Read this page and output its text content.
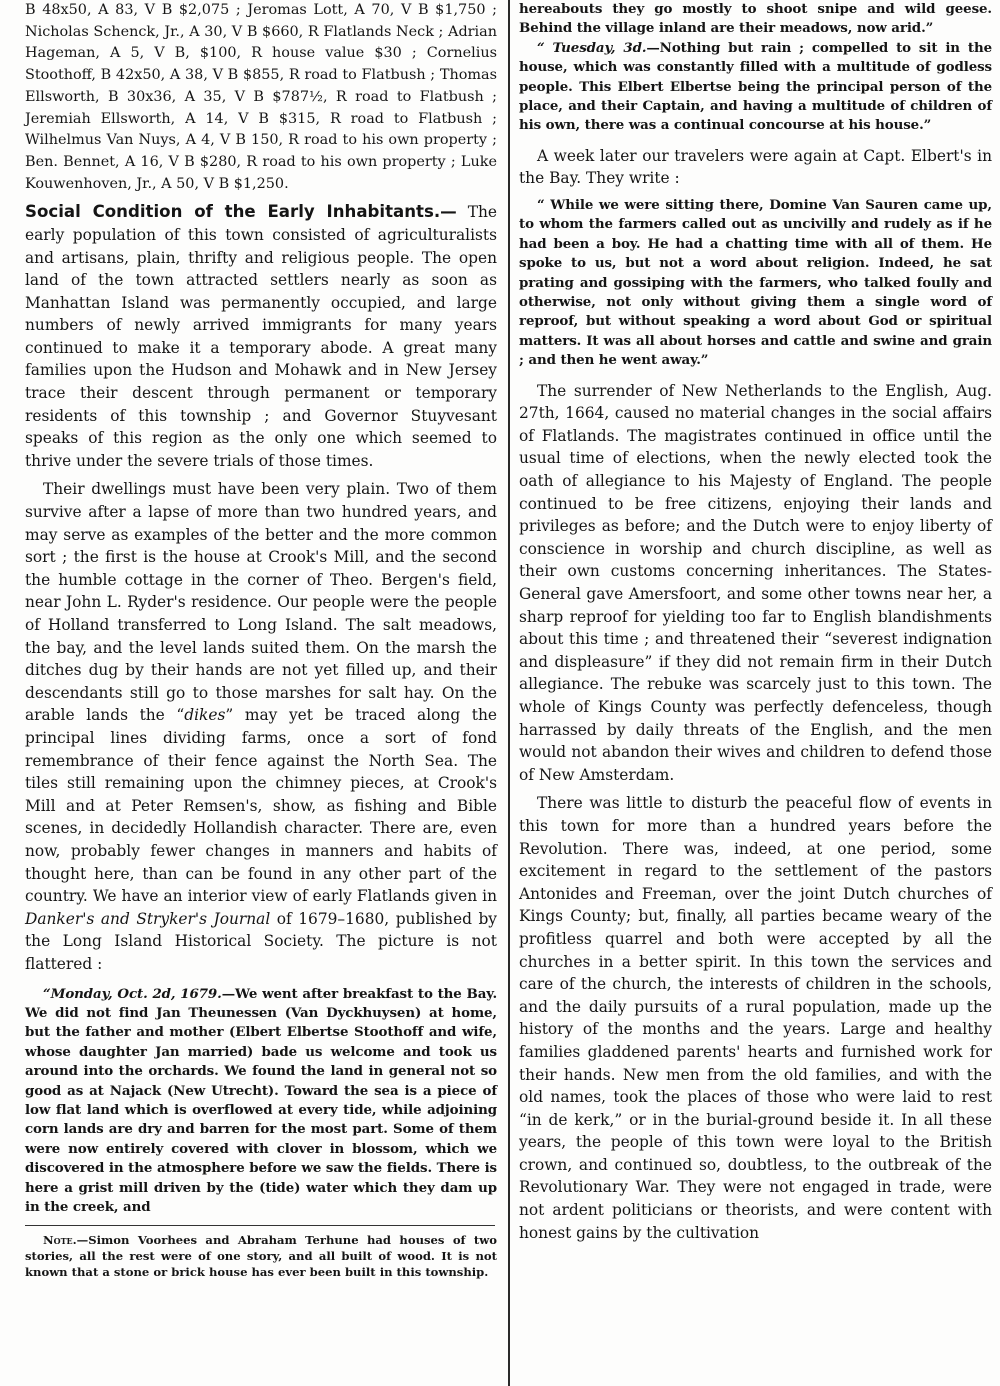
B 48x50, A 83, V B $2,075 ; Jeromas Lott, A 70, V B $1,750 ; Nicholas Schenck, Jr., A 30, V B $660, R Flatlands Neck ; Adrian Hageman, A 5, V B, $100, R house value $30 ; Cornelius Stoothoff, B 42x50, A 38, V B $855, R road to Flatbush ; Thomas Ellsworth, B 30x36, A 35, V B $787½, R road to Flatbush ; Jeremiah Ellsworth, A 14, V B $315, R road to Flatbush ; Wilhelmus Van Nuys, A 4, V B 150, R road to his own property ; Ben. Bennet, A 16, V B $280, R road to his own property ; Luke Kouwenhoven, Jr., A 50, V B $1,250.

Social Condition of the Early Inhabitants.— The early population of this town consisted of agriculturalists and artisans, plain, thrifty and religious people. The open land of the town attracted settlers nearly as soon as Manhattan Island was permanently occupied, and large numbers of newly arrived immigrants for many years continued to make it a temporary abode. A great many families upon the Hudson and Mohawk and in New Jersey trace their descent through permanent or temporary residents of this township ; and Governor Stuyvesant speaks of this region as the only one which seemed to thrive under the severe trials of those times.

Their dwellings must have been very plain. Two of them survive after a lapse of more than two hundred years, and may serve as examples of the better and the more common sort ; the first is the house at Crook's Mill, and the second the humble cottage in the corner of Theo. Bergen's field, near John L. Ryder's residence. Our people were the people of Holland transferred to Long Island. The salt meadows, the bay, and the level lands suited them. On the marsh the ditches dug by their hands are not yet filled up, and their descendants still go to those marshes for salt hay. On the arable lands the “dikes” may yet be traced along the principal lines dividing farms, once a sort of fond remembrance of their fence against the North Sea. The tiles still remaining upon the chimney pieces, at Crook's Mill and at Peter Remsen's, show, as fishing and Bible scenes, in decidedly Hollandish character. There are, even now, probably fewer changes in manners and habits of thought here, than can be found in any other part of the country. We have an interior view of early Flatlands given in Danker's and Stryker's Journal of 1679–1680, published by the Long Island Historical Society. The picture is not flattered :

“Monday, Oct. 2d, 1679.—We went after breakfast to the Bay. We did not find Jan Theunessen (Van Dyckhuysen) at home, but the father and mother (Elbert Elbertse Stoothoff and wife, whose daughter Jan married) bade us welcome and took us around into the orchards. We found the land in general not so good as at Najack (New Utrecht). Toward the sea is a piece of low flat land which is overflowed at every tide, while adjoining corn lands are dry and barren for the most part. Some of them were now entirely covered with clover in blossom, which we discovered in the atmosphere before we saw the fields. There is here a grist mill driven by the (tide) water which they dam up in the creek, and

Note.—Simon Voorhees and Abraham Terhune had houses of two stories, all the rest were of one story, and all built of wood. It is not known that a stone or brick house has ever been built in this township.

hereabouts they go mostly to shoot snipe and wild geese. Behind the village inland are their meadows, now arid.”

“ Tuesday, 3d.—Nothing but rain ; compelled to sit in the house, which was constantly filled with a multitude of godless people. This Elbert Elbertse being the principal person of the place, and their Captain, and having a multitude of children of his own, there was a continual concourse at his house.”

A week later our travelers were again at Capt. Elbert's in the Bay. They write :

“ While we were sitting there, Domine Van Sauren came up, to whom the farmers called out as uncivilly and rudely as if he had been a boy. He had a chatting time with all of them. He spoke to us, but not a word about religion. Indeed, he sat prating and gossiping with the farmers, who talked foully and otherwise, not only without giving them a single word of reproof, but without speaking a word about God or spiritual matters. It was all about horses and cattle and swine and grain ; and then he went away.”

The surrender of New Netherlands to the English, Aug. 27th, 1664, caused no material changes in the social affairs of Flatlands. The magistrates continued in office until the usual time of elections, when the newly elected took the oath of allegiance to his Majesty of England. The people continued to be free citizens, enjoying their lands and privileges as before; and the Dutch were to enjoy liberty of conscience in worship and church discipline, as well as their own customs concerning inheritances. The States-General gave Amersfoort, and some other towns near her, a sharp reproof for yielding too far to English blandishments about this time ; and threatened their “severest indignation and displeasure” if they did not remain firm in their Dutch allegiance. The rebuke was scarcely just to this town. The whole of Kings County was perfectly defenceless, though harrassed by daily threats of the English, and the men would not abandon their wives and children to defend those of New Amsterdam.

There was little to disturb the peaceful flow of events in this town for more than a hundred years before the Revolution. There was, indeed, at one period, some excitement in regard to the settlement of the pastors Antonides and Freeman, over the joint Dutch churches of Kings County; but, finally, all parties became weary of the profitless quarrel and both were accepted by all the churches in a better spirit. In this town the services and care of the church, the interests of children in the schools, and the daily pursuits of a rural population, made up the history of the months and the years. Large and healthy families gladdened parents' hearts and furnished work for their hands. New men from the old families, and with the old names, took the places of those who were laid to rest “in de kerk,” or in the burial-ground beside it. In all these years, the people of this town were loyal to the British crown, and continued so, doubtless, to the outbreak of the Revolutionary War. They were not engaged in trade, were not ardent politicians or theorists, and were content with honest gains by the cultivation
